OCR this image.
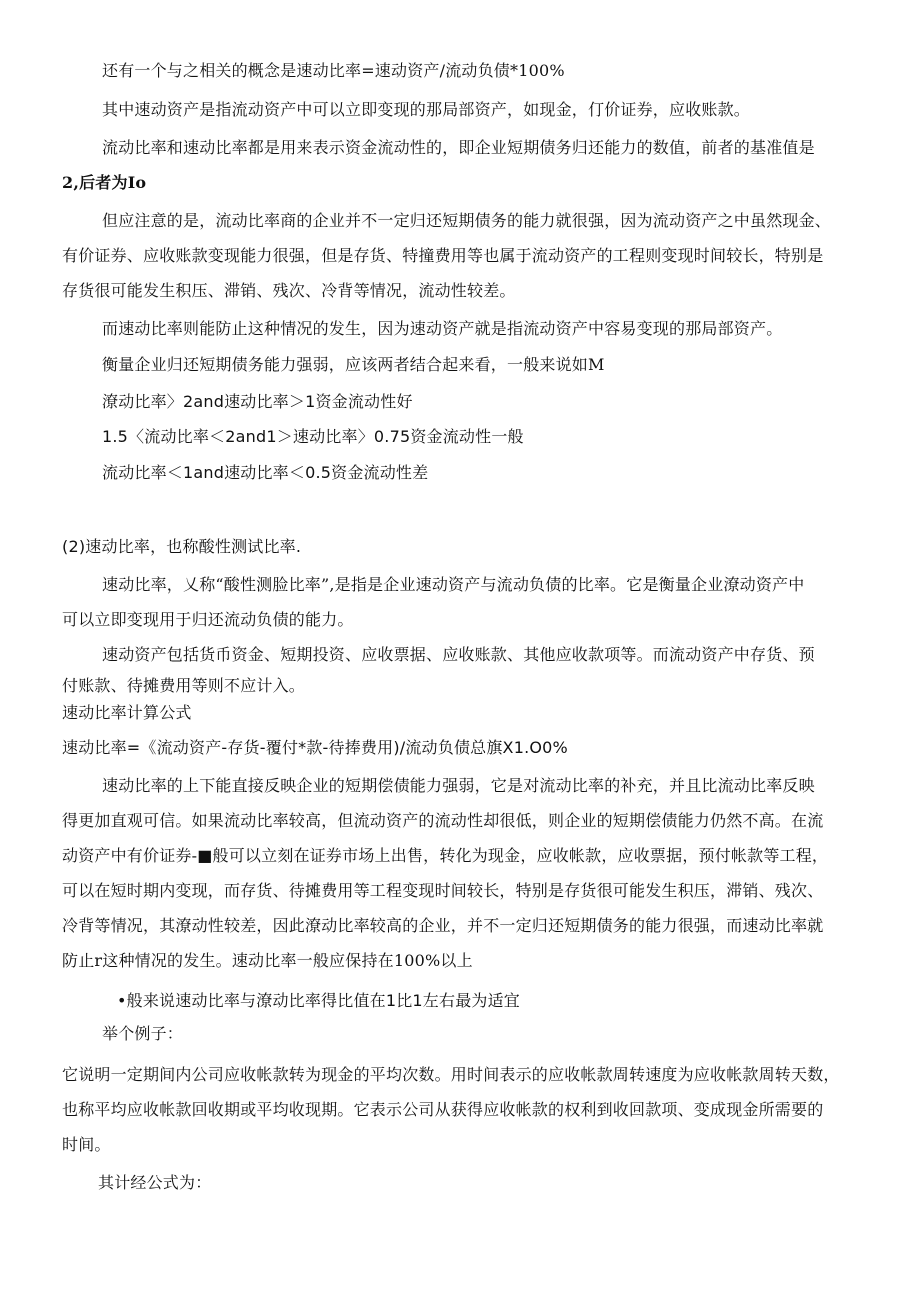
还有一个与之相关的概念是速动比率=速动资产/流动负债*100%
其中速动资产是指流动资产中可以立即变现的那局部资产，如现金，仃价证券，应收账款。
流动比率和速动比率都是用来表示资金流动性的，即企业短期债务归还能力的数值，前者的基准值是
2,后者为Io
但应注意的是，流动比率商的企业并不一定归还短期债务的能力就很强，因为流动资产之中虽然现金、
有价证券、应收账款变现能力很强，但是存货、特撞费用等也属于流动资产的工程则变现时间较长，特别是
存货很可能发生积压、滞销、残次、冷背等情况，流动性较差。
而速动比率则能防止这种情况的发生，因为速动资产就是指流动资产中容易变现的那局部资产。
衡量企业归还短期债务能力强弱，应该两者结合起来看，一般来说如M
潦动比率〉2and速动比率＞1资金流动性好
1.5〈流动比率＜2and1＞速动比率〉0.75资金流动性一般
流动比率＜1and速动比率＜0.5资金流动性差
(2)速动比率，也称酸性测试比率.
速动比率，乂称“酸性测脸比率”,是指是企业速动资产与流动负债的比率。它是衡量企业潦动资产中
可以立即变现用于归还流动负债的能力。
速动资产包括货币资金、短期投资、应收票据、应收账款、其他应收款项等。而流动资产中存货、预
付账款、待摊费用等则不应计入。
速动比率计算公式
速动比率=《流动资产-存货-覆付*款-待捧费用)/流动负债总旗X1.O0%
速动比率的上下能直接反映企业的短期偿债能力强弱，它是对流动比率的补充，并且比流动比率反映
得更加直观可信。如果流动比率较高，但流动资产的流动性却很低，则企业的短期偿债能力仍然不高。在流
动资产中有价证券-■般可以立刻在证券市场上出售，转化为现金，应收帐款，应收票据，预付帐款等工程，
可以在短时期内变现，而存货、待摊费用等工程变现时间较长，特别是存货很可能发生积压，滞销、残次、
冷背等情况，其潦动性较差，因此潦动比率较高的企业，并不一定归还短期债务的能力很强，而速动比率就
防止r这种情况的发生。速动比率一般应保持在100%以上
•般来说速动比率与潦动比率得比值在1比1左右最为适宜
举个例子：
它说明一定期间内公司应收帐款转为现金的平均次数。用时间表示的应收帐款周转速度为应收帐款周转天数，
也称平均应收帐款回收期或平均收现期。它表示公司从获得应收帐款的权利到收回款项、变成现金所需要的
时间。
其计经公式为：
